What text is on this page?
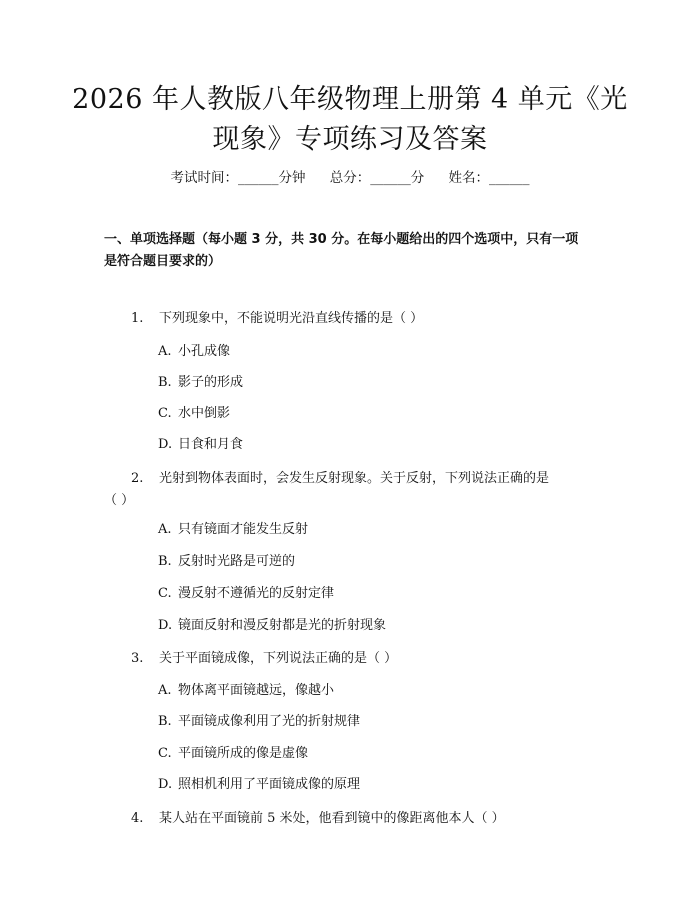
2026 年人教版八年级物理上册第 4 单元《光
现象》专项练习及答案
考试时间：______分钟 总分：______分 姓名：______
一、单项选择题（每小题 3 分，共 30 分。在每小题给出的四个选项中，只有一项
是符合题目要求的）
1. 下列现象中，不能说明光沿直线传播的是（ ）
A. 小孔成像
B. 影子的形成
C. 水中倒影
D. 日食和月食
2. 光射到物体表面时，会发生反射现象。关于反射，下列说法正确的是
（ ）
A. 只有镜面才能发生反射
B. 反射时光路是可逆的
C. 漫反射不遵循光的反射定律
D. 镜面反射和漫反射都是光的折射现象
3. 关于平面镜成像，下列说法正确的是（ ）
A. 物体离平面镜越远，像越小
B. 平面镜成像利用了光的折射规律
C. 平面镜所成的像是虚像
D. 照相机利用了平面镜成像的原理
4. 某人站在平面镜前 5 米处，他看到镜中的像距离他本人（ ）
